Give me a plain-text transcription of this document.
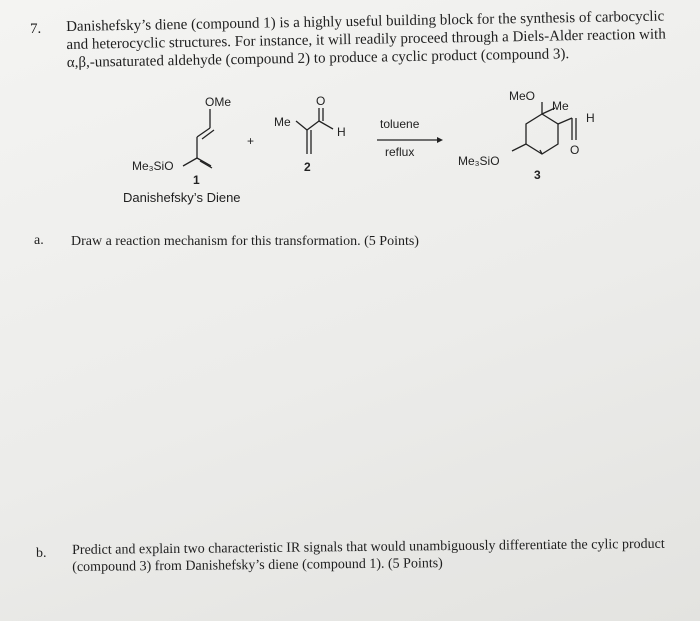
7. Danishefsky’s diene (compound 1) is a highly useful building block for the synthesis of carbocyclic and heterocyclic structures. For instance, it will readily proceed through a Diels-Alder reaction with α,β,-unsaturated aldehyde (compound 2) to produce a cyclic product (compound 3).
OMe
Me₃SiO
1
+
Me
O
H
2
toluene
reflux
MeO
Me
H
O
Me₃SiO
3
Danishefsky’s Diene
a. Draw a reaction mechanism for this transformation. (5 Points)
b. Predict and explain two characteristic IR signals that would unambiguously differentiate the cylic product (compound 3) from Danishefsky’s diene (compound 1). (5 Points)
